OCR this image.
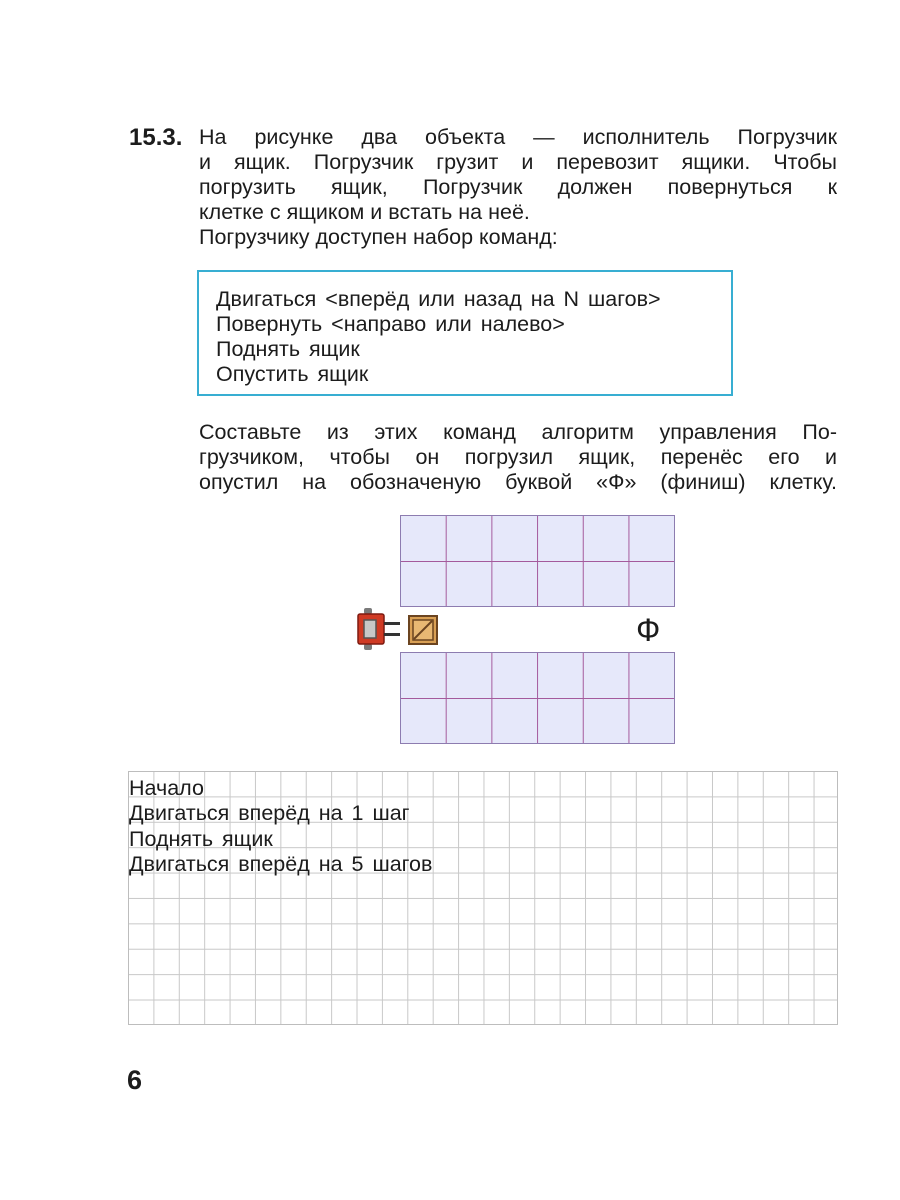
15.3. На рисунке два объекта — исполнитель Погрузчик
и ящик. Погрузчик грузит и перевозит ящики. Чтобы
погрузить ящик, Погрузчик должен повернуться к
клетке с ящиком и встать на неё.
Погрузчику доступен набор команд:
Двигаться <вперёд или назад на N шагов>
Повернуть <направо или налево>
Поднять ящик
Опустить ящик
Составьте из этих команд алгоритм управления По-
грузчиком, чтобы он погрузил ящик, перенёс его и
опустил на обозначеную буквой «Ф» (финиш) клетку.
Ф
Начало
Двигаться вперёд на 1 шаг
Поднять ящик
Двигаться вперёд на 5 шагов
6
